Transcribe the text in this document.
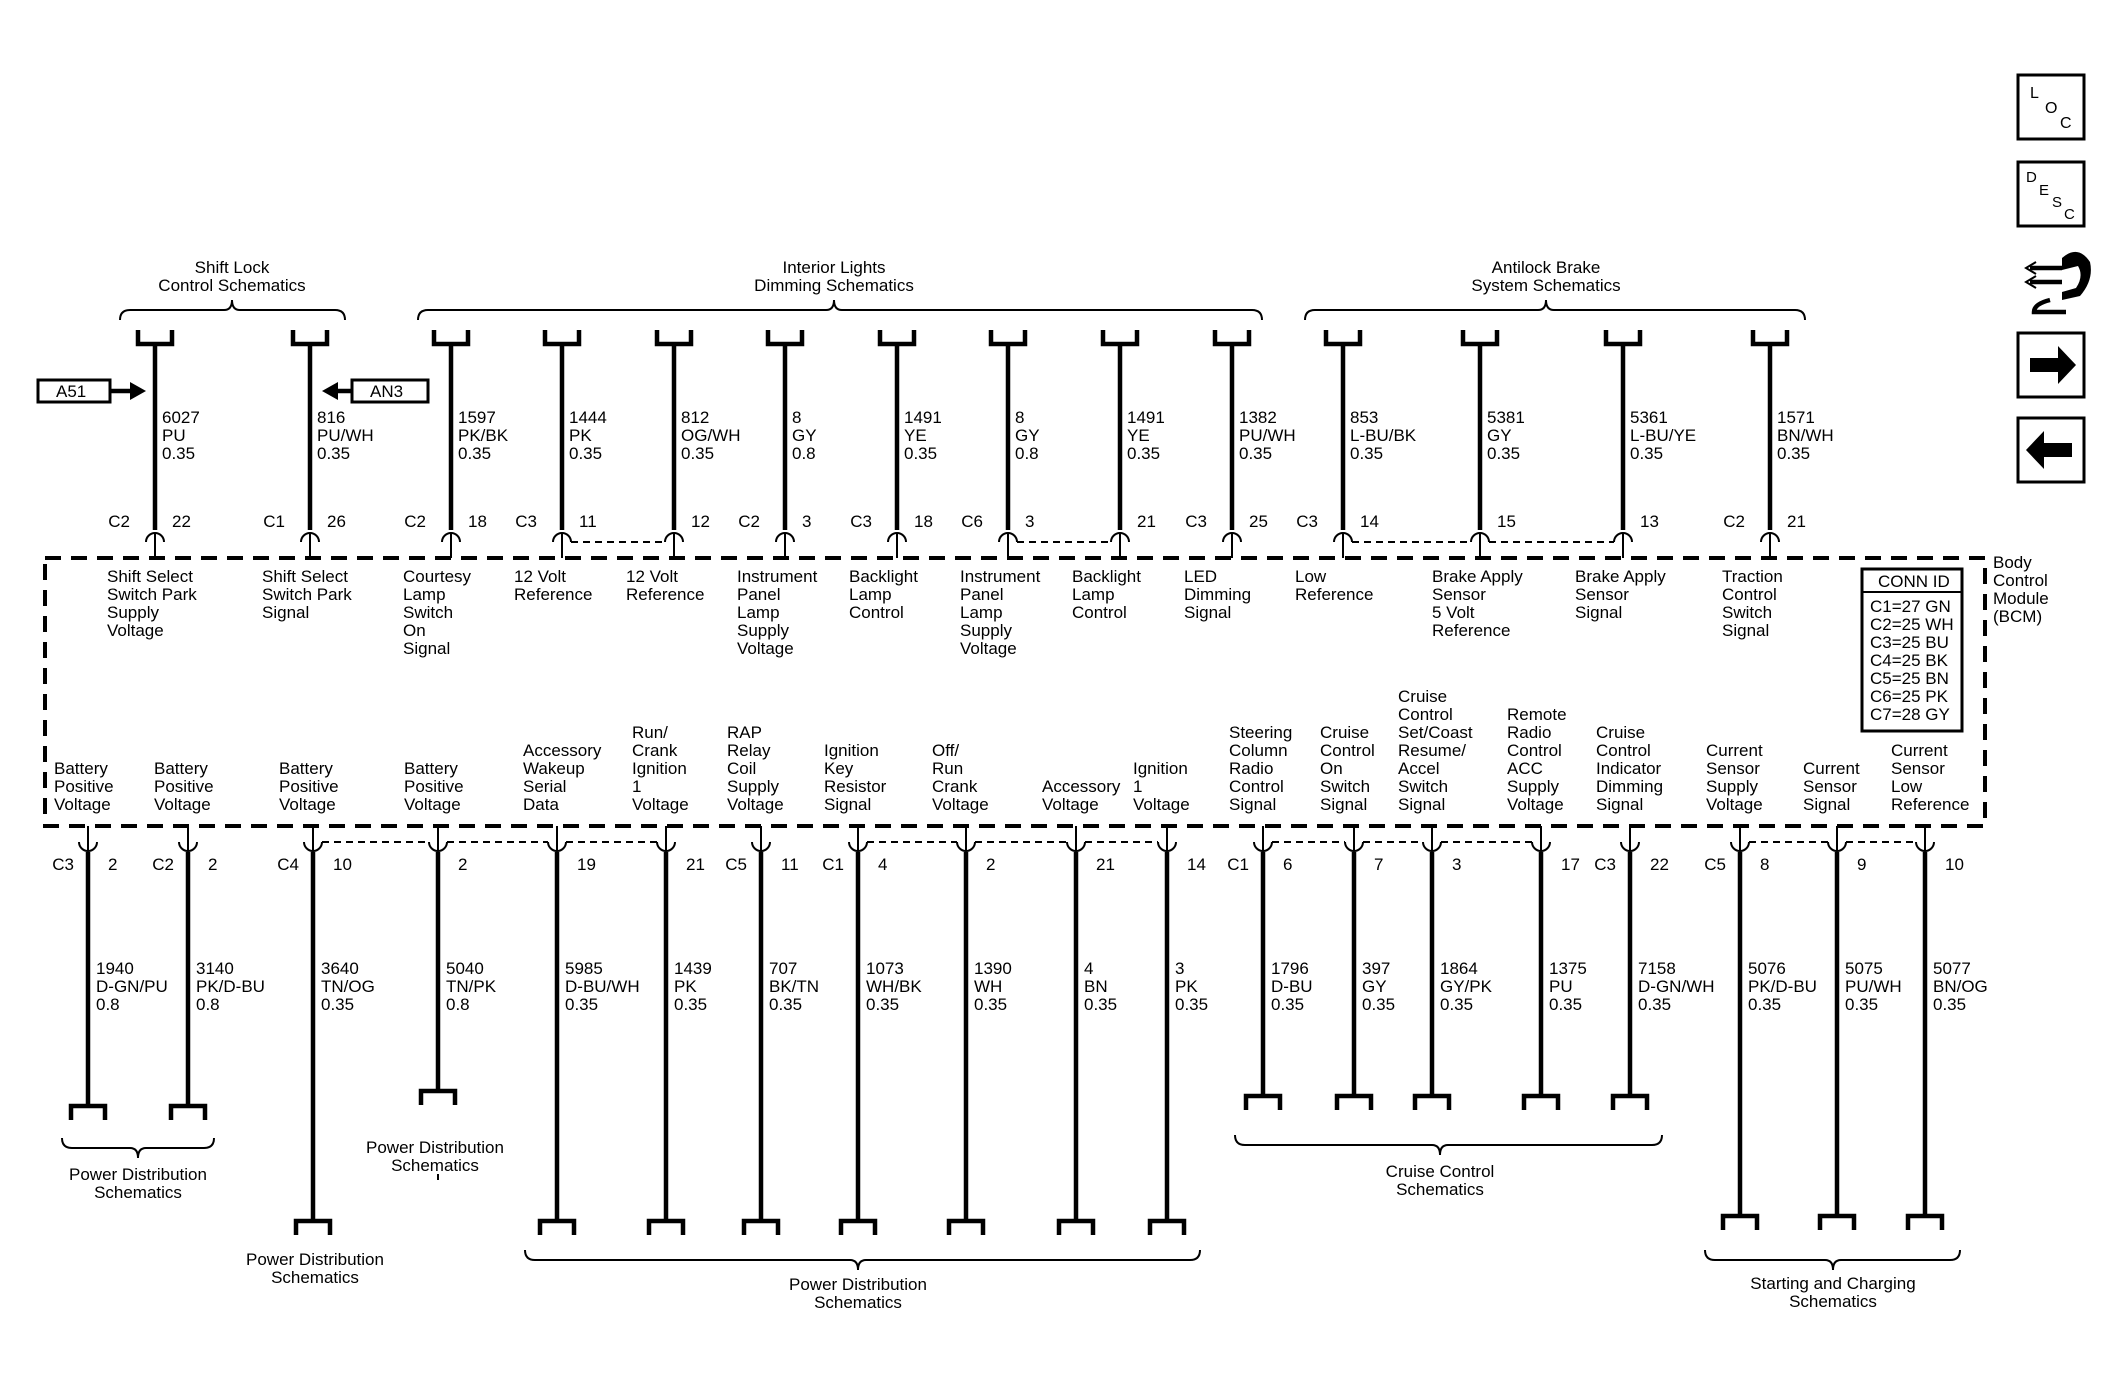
Body
Control
Module
(BCM)
CONN ID
C1=27 GN
C2=25 WH
C3=25 BU
C4=25 BK
C5=25 BN
C6=25 PK
C7=28 GY
L
O
C
D
E
S
C
A51	AN3
Shift Lock
Control Schematics
Interior Lights
Dimming Schematics
Antilock Brake
System Schematics
Power Distribution
Schematics
Power Distribution
Schematics
Power Distribution
Schematics	Power Distribution
Schematics
Cruise Control
Schematics
Starting and Charging
Schematics
6027
PU
0.35
C2 22
Shift Select
Switch Park
Supply
Voltage
816
PU/WH
0.35
C1 26
Shift Select
Switch Park
Signal
1597
PK/BK
0.35
C2 18
Courtesy
Lamp
Switch
On
Signal
1444
PK
0.35
C3 11
12 Volt
Reference
812
OG/WH
0.35
12
12 Volt
Reference
8
GY
0.8
C2 3
Instrument
Panel
Lamp
Supply
Voltage
1491
YE
0.35
C3 18
Backlight
Lamp
Control
8
GY
0.8
C6 3
Instrument
Panel
Lamp
Supply
Voltage
1491
YE
0.35
21
Backlight
Lamp
Control
1382
PU/WH
0.35
C3 25
LED
Dimming
Signal
853
L-BU/BK
0.35
C3 14
Low
Reference
5381
GY
0.35
15
Brake Apply
Sensor
5 Volt
Reference
5361
L-BU/YE
0.35
13
Brake Apply
Sensor
Signal
1571
BN/WH
0.35
C2 21
Traction
Control
Switch
Signal
1940
D-GN/PU
0.8
C3 2
Battery
Positive
Voltage
3140
PK/D-BU
0.8
C2 2
Battery
Positive
Voltage
3640
TN/OG
0.35
C4 10
Battery
Positive
Voltage
5040
TN/PK
0.8
2
Battery
Positive
Voltage
5985
D-BU/WH
0.35
19
Accessory
Wakeup
Serial
Data
1439
PK
0.35
21
Run/
Crank
Ignition
1
Voltage
707
BK/TN
0.35
C5 11
RAP
Relay
Coil
Supply
Voltage
1073
WH/BK
0.35
C1 4
Ignition
Key
Resistor
Signal
1390
WH
0.35
2
Off/
Run
Crank
Voltage
4
BN
0.35
21
Accessory
Voltage
3
PK
0.35
14
Ignition
1
Voltage
1796
D-BU
0.35
C1 6
Steering
Column
Radio
Control
Signal
397
GY
0.35
7
Cruise
Control
On
Switch
Signal
1864
GY/PK
0.35
3
Cruise
Control
Set/Coast
Resume/
Accel
Switch
Signal
1375
PU
0.35
17
Remote
Radio
Control
ACC
Supply
Voltage
7158
D-GN/WH
0.35
C3 22
Cruise
Control
Indicator
Dimming
Signal
5076
PK/D-BU
0.35
C5 8
Current
Sensor
Supply
Voltage
5075
PU/WH
0.35
9
Current
Sensor
Signal
5077
BN/OG
0.35
10
Current
Sensor
Low
Reference
